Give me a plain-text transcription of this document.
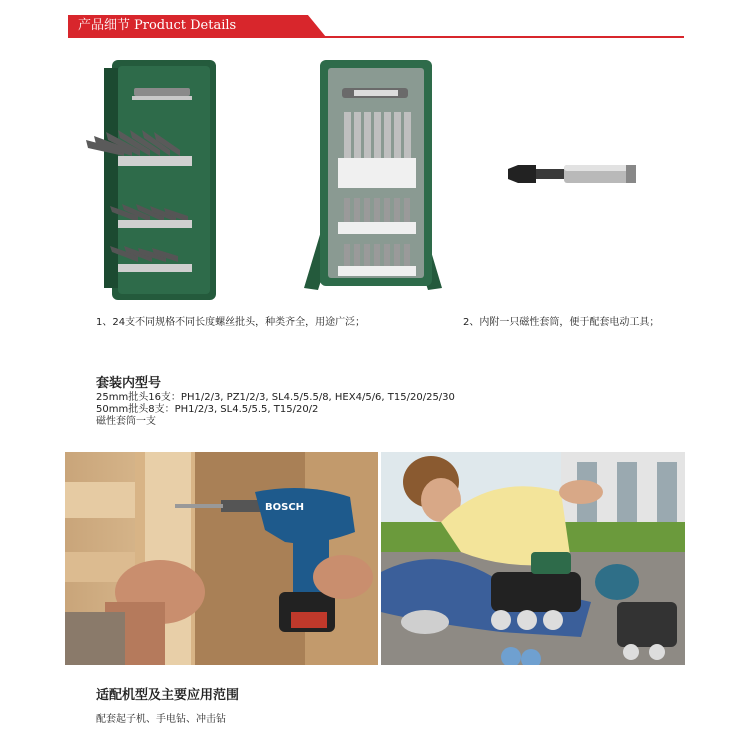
产品细节 Product Details
1、24支不同规格不同长度螺丝批头，种类齐全，用途广泛；	2、内附一只磁性套筒，便于配套电动工具；
套装内型号
25mm批头16支：PH1/2/3, PZ1/2/3, SL4.5/5.5/8, HEX4/5/6, T15/20/25/30
50mm批头8支：PH1/2/3, SL4.5/5.5, T15/20/2
磁性套筒一支
BOSCH
适配机型及主要应用范围
配套起子机、手电钻、冲击钻
